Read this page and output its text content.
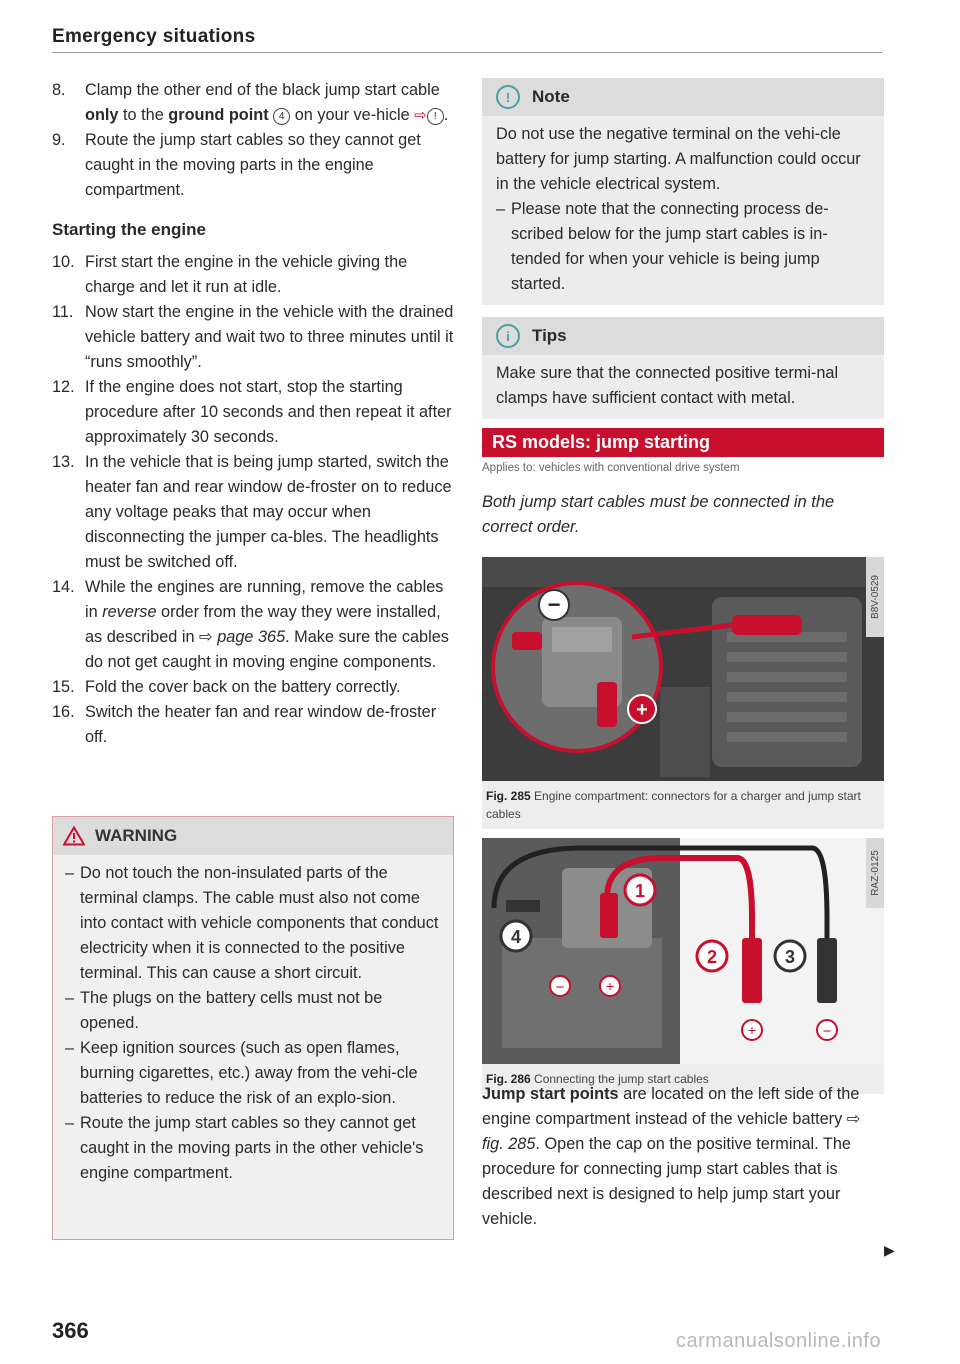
Emergency situations
8.	Clamp the other end of the black jump start cable only to the ground point 4 on your ve-hicle ⇨ ! .
9.	Route the jump start cables so they cannot get caught in the moving parts in the engine compartment.
Starting the engine
10. First start the engine in the vehicle giving the charge and let it run at idle.
11. Now start the engine in the vehicle with the drained vehicle battery and wait two to three minutes until it “runs smoothly”.
12. If the engine does not start, stop the starting procedure after 10 seconds and then repeat it after approximately 30 seconds.
13. In the vehicle that is being jump started, switch the heater fan and rear window de-froster on to reduce any voltage peaks that may occur when disconnecting the jumper ca-bles. The headlights must be switched off.
14. While the engines are running, remove the cables in reverse order from the way they were installed, as described in ⇨ page 365. Make sure the cables do not get caught in moving engine components.
15. Fold the cover back on the battery correctly.
16. Switch the heater fan and rear window de-froster off.
WARNING
– Do not touch the non-insulated parts of the terminal clamps. The cable must also not come into contact with vehicle components that conduct electricity when it is connected to the positive terminal. This can cause a short circuit.
– The plugs on the battery cells must not be opened.
– Keep ignition sources (such as open flames, burning cigarettes, etc.) away from the vehi-cle batteries to reduce the risk of an explo-sion.
– Route the jump start cables so they cannot get caught in the moving parts in the other vehicle's engine compartment.
366
!	Note
Do not use the negative terminal on the vehi-cle battery for jump starting. A malfunction could occur in the vehicle electrical system.
– Please note that the connecting process de-scribed below for the jump start cables is in-tended for when your vehicle is being jump started.
i	Tips
Make sure that the connected positive termi-nal clamps have sufficient contact with metal.
RS models: jump starting
Applies to: vehicles with conventional drive system
Both jump start cables must be connected in the correct order.
−
+
B8V-0529
Fig. 285 Engine compartment: connectors for a charger and jump start cables
1
2	3
4
−	+
+	−
RAZ-0125
Fig. 286 Connecting the jump start cables
Jump start points are located on the left side of the engine compartment instead of the vehicle battery ⇨ fig. 285. Open the cap on the positive terminal. The procedure for connecting jump start cables that is described next is designed to help jump start your vehicle.
▶
carmanualsonline.info
